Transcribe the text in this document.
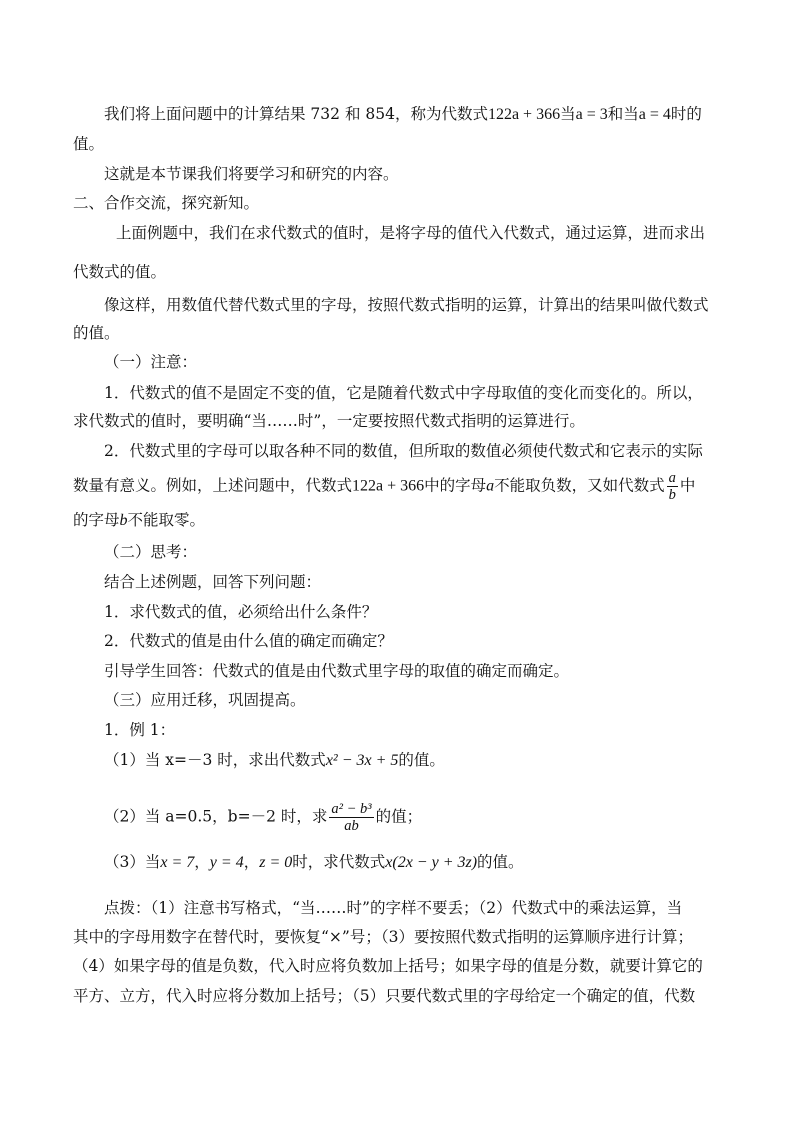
我们将上面问题中的计算结果 732 和 854，称为代数式122a + 366当a = 3和当a = 4时的
值。
这就是本节课我们将要学习和研究的内容。
二、合作交流，探究新知。
上面例题中，我们在求代数式的值时，是将字母的值代入代数式，通过运算，进而求出
代数式的值。
像这样，用数值代替代数式里的字母，按照代数式指明的运算，计算出的结果叫做代数式
的值。
（一）注意：
1．代数式的值不是固定不变的值，它是随着代数式中字母取值的变化而变化的。所以，
求代数式的值时，要明确“当……时”，一定要按照代数式指明的运算进行。
2．代数式里的字母可以取各种不同的数值，但所取的数值必须使代数式和它表示的实际
数量有意义。例如，上述问题中，代数式122a + 366中的字母a不能取负数，又如代数式 $\frac{a}{b}$ 中
的字母b不能取零。
（二）思考：
结合上述例题，回答下列问题：
1．求代数式的值，必须给出什么条件？
2．代数式的值是由什么值的确定而确定？
引导学生回答：代数式的值是由代数式里字母的取值的确定而确定。
（三）应用迁移，巩固提高。
1．例 1：
（1）当 x=－3 时，求出代数式x² − 3x + 5的值。
（2）当 a=0.5，b=－2 时，求 $\frac{\text{a² − b³}}{ab}$ 的值；
（3）当x = 7，y = 4，z = 0时，求代数式x(2x − y + 3z)的值。
点拨：（1）注意书写格式，“当……时”的字样不要丢；（2）代数式中的乘法运算，当
其中的字母用数字在替代时，要恢复“×”号；（3）要按照代数式指明的运算顺序进行计算；
（4）如果字母的值是负数，代入时应将负数加上括号；如果字母的值是分数，就要计算它的
平方、立方，代入时应将分数加上括号；（5）只要代数式里的字母给定一个确定的值，代数
